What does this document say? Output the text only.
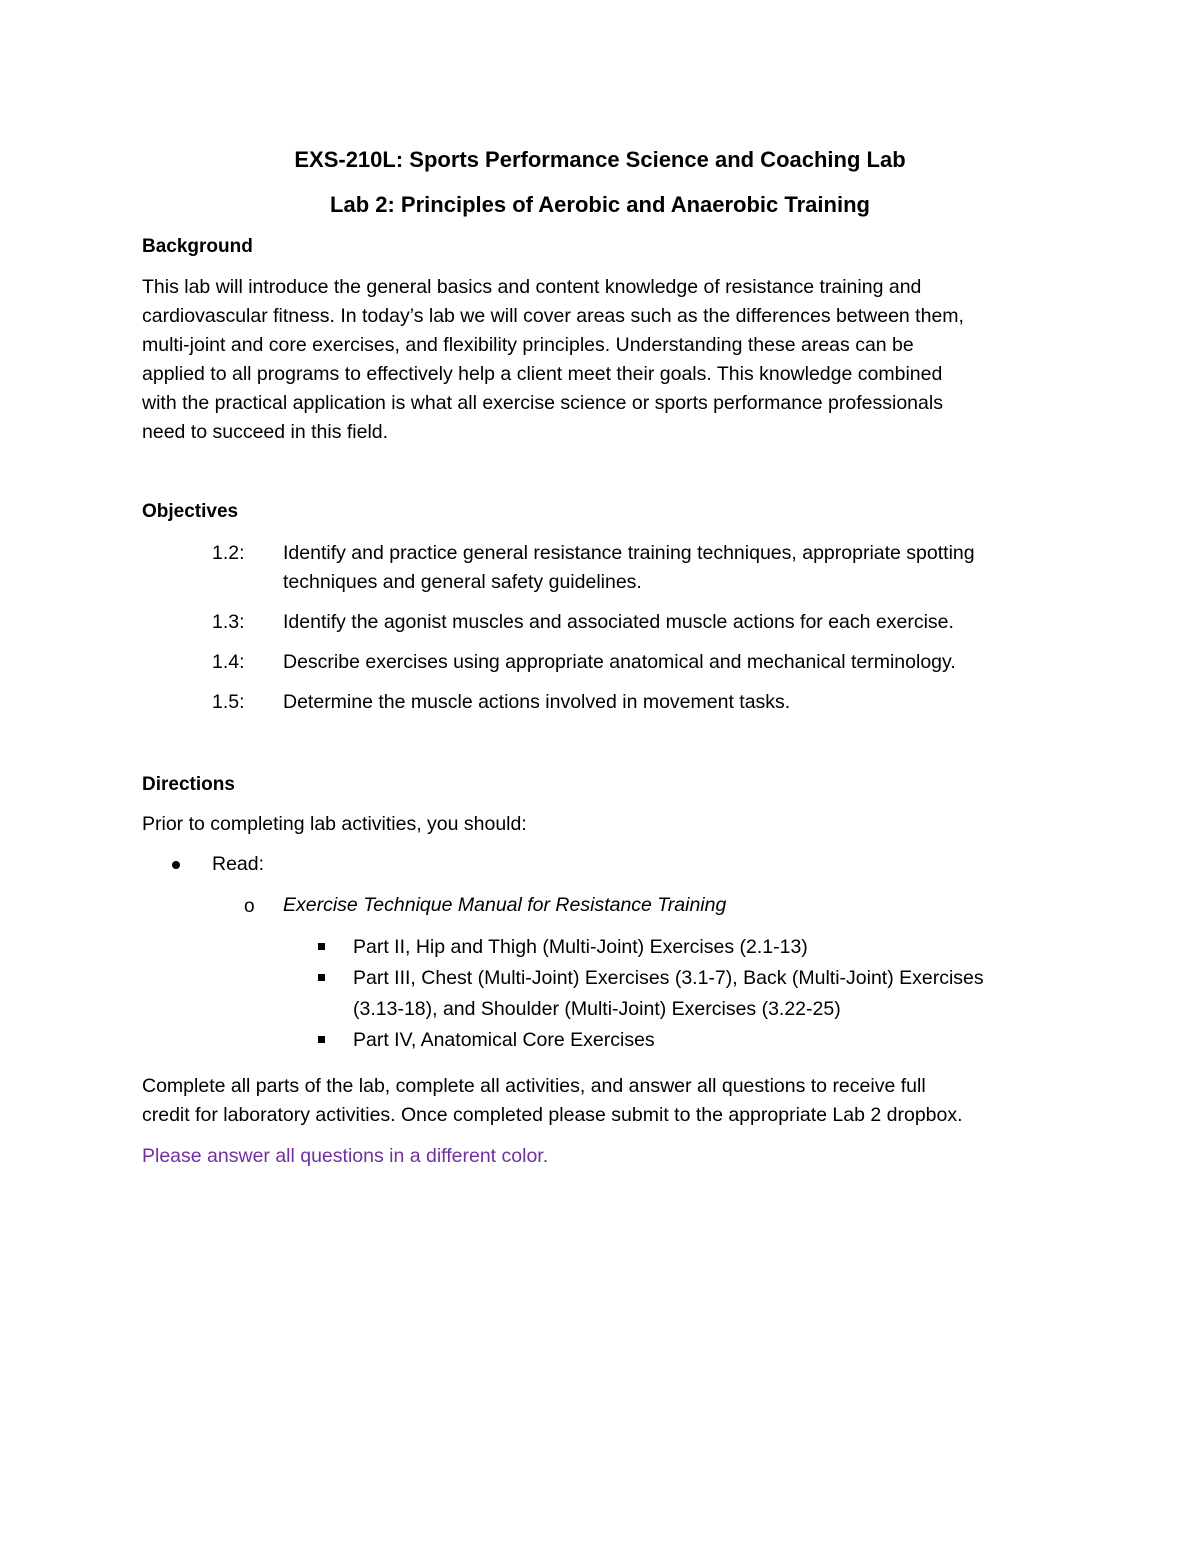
EXS-210L: Sports Performance Science and Coaching Lab
Lab 2: Principles of Aerobic and Anaerobic Training
Background
This lab will introduce the general basics and content knowledge of resistance training and
cardiovascular fitness. In today’s lab we will cover areas such as the differences between them,
multi-joint and core exercises, and flexibility principles. Understanding these areas can be
applied to all programs to effectively help a client meet their goals. This knowledge combined
with the practical application is what all exercise science or sports performance professionals
need to succeed in this field.
Objectives
1.2: Identify and practice general resistance training techniques, appropriate spotting
techniques and general safety guidelines.
1.3: Identify the agonist muscles and associated muscle actions for each exercise.
1.4: Describe exercises using appropriate anatomical and mechanical terminology.
1.5: Determine the muscle actions involved in movement tasks.
Directions
Prior to completing lab activities, you should:
Read:
o Exercise Technique Manual for Resistance Training
Part II, Hip and Thigh (Multi-Joint) Exercises (2.1-13)
Part III, Chest (Multi-Joint) Exercises (3.1-7), Back (Multi-Joint) Exercises
(3.13-18), and Shoulder (Multi-Joint) Exercises (3.22-25)
Part IV, Anatomical Core Exercises
Complete all parts of the lab, complete all activities, and answer all questions to receive full
credit for laboratory activities. Once completed please submit to the appropriate Lab 2 dropbox.
Please answer all questions in a different color.
